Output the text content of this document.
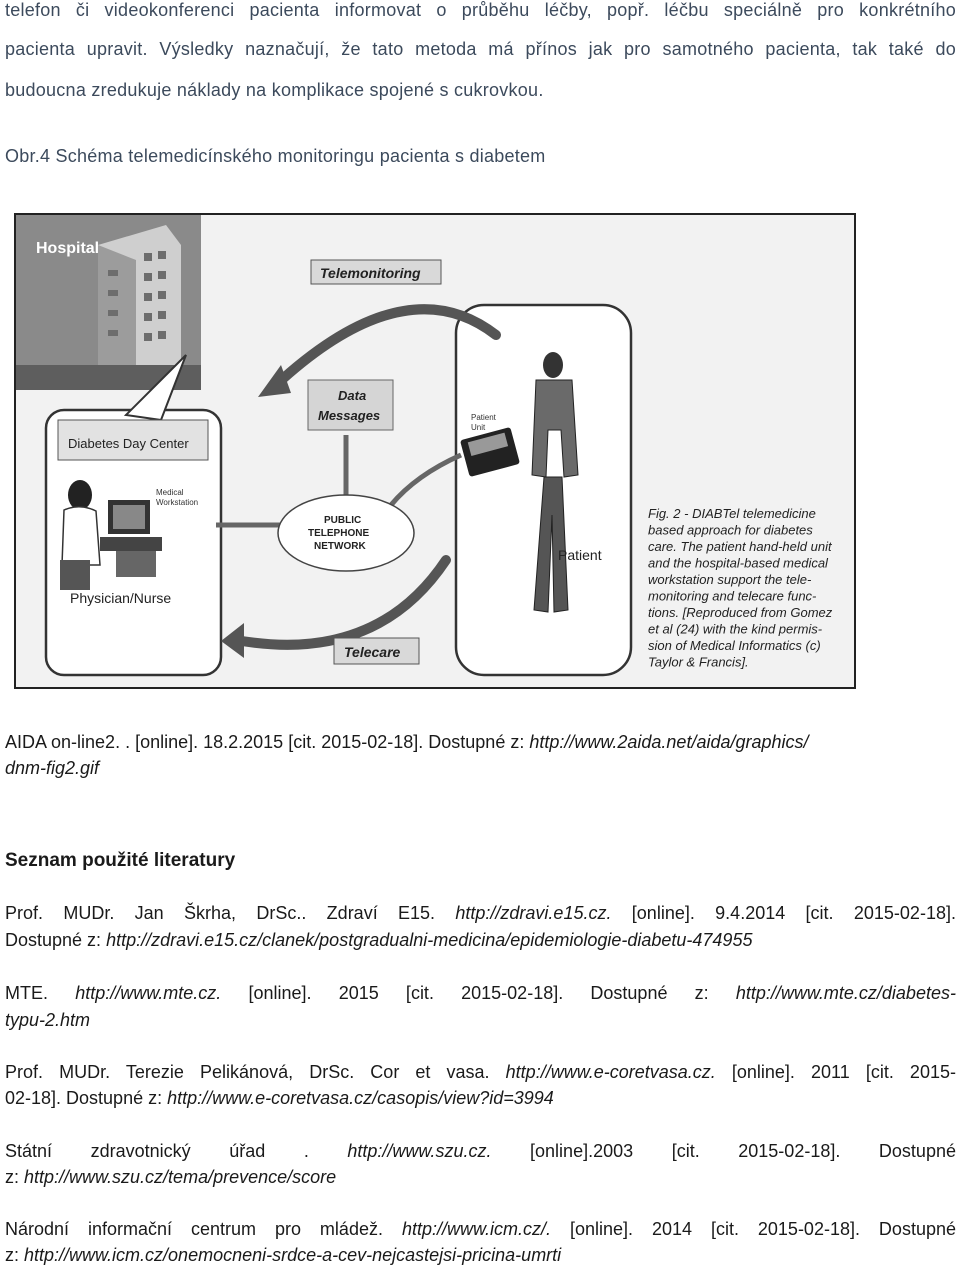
telefon či videokonferenci pacienta informovat o průběhu léčby, popř. léčbu speciálně pro konkrétního
pacienta upravit. Výsledky naznačují, že tato metoda má přínos jak pro samotného pacienta, tak také do
budoucna zredukuje náklady na komplikace spojené s cukrovkou.
Obr.4 Schéma telemedicínského monitoringu pacienta s diabetem
Hospital
Diabetes Day Center
Medical
Workstation
Physician/Nurse
Patient
Unit
Patient
Telemonitoring
Telecare
Data
Messages
PUBLIC
TELEPHONE
NETWORK
Fig. 2 - DIABTel telemedicine
based approach for diabetes
care. The patient hand-held unit
and the hospital-based medical
workstation support the tele-
monitoring and telecare func-
tions. [Reproduced from Gomez
et al (24) with the kind permis-
sion of Medical Informatics (c)
Taylor & Francis].
AIDA on-line2. . [online]. 18.2.2015 [cit. 2015-02-18]. Dostupné z: http://www.2aida.net/aida/graphics/
dnm-fig2.gif
Seznam použité literatury
Prof. MUDr. Jan Škrha, DrSc.. Zdraví E15. http://zdravi.e15.cz. [online]. 9.4.2014 [cit. 2015-02-18].
Dostupné z: http://zdravi.e15.cz/clanek/postgradualni-medicina/epidemiologie-diabetu-474955
MTE. http://www.mte.cz. [online]. 2015 [cit. 2015-02-18]. Dostupné z: http://www.mte.cz/diabetes-
typu-2.htm
Prof. MUDr. Terezie Pelikánová, DrSc. Cor et vasa. http://www.e-coretvasa.cz. [online]. 2011 [cit. 2015-
02-18]. Dostupné z: http://www.e-coretvasa.cz/casopis/view?id=3994
Státní zdravotnický úřad . http://www.szu.cz. [online].2003 [cit. 2015-02-18]. Dostupné
z: http://www.szu.cz/tema/prevence/score
Národní informační centrum pro mládež. http://www.icm.cz/. [online]. 2014 [cit. 2015-02-18]. Dostupné
z: http://www.icm.cz/onemocneni-srdce-a-cev-nejcastejsi-pricina-umrti
